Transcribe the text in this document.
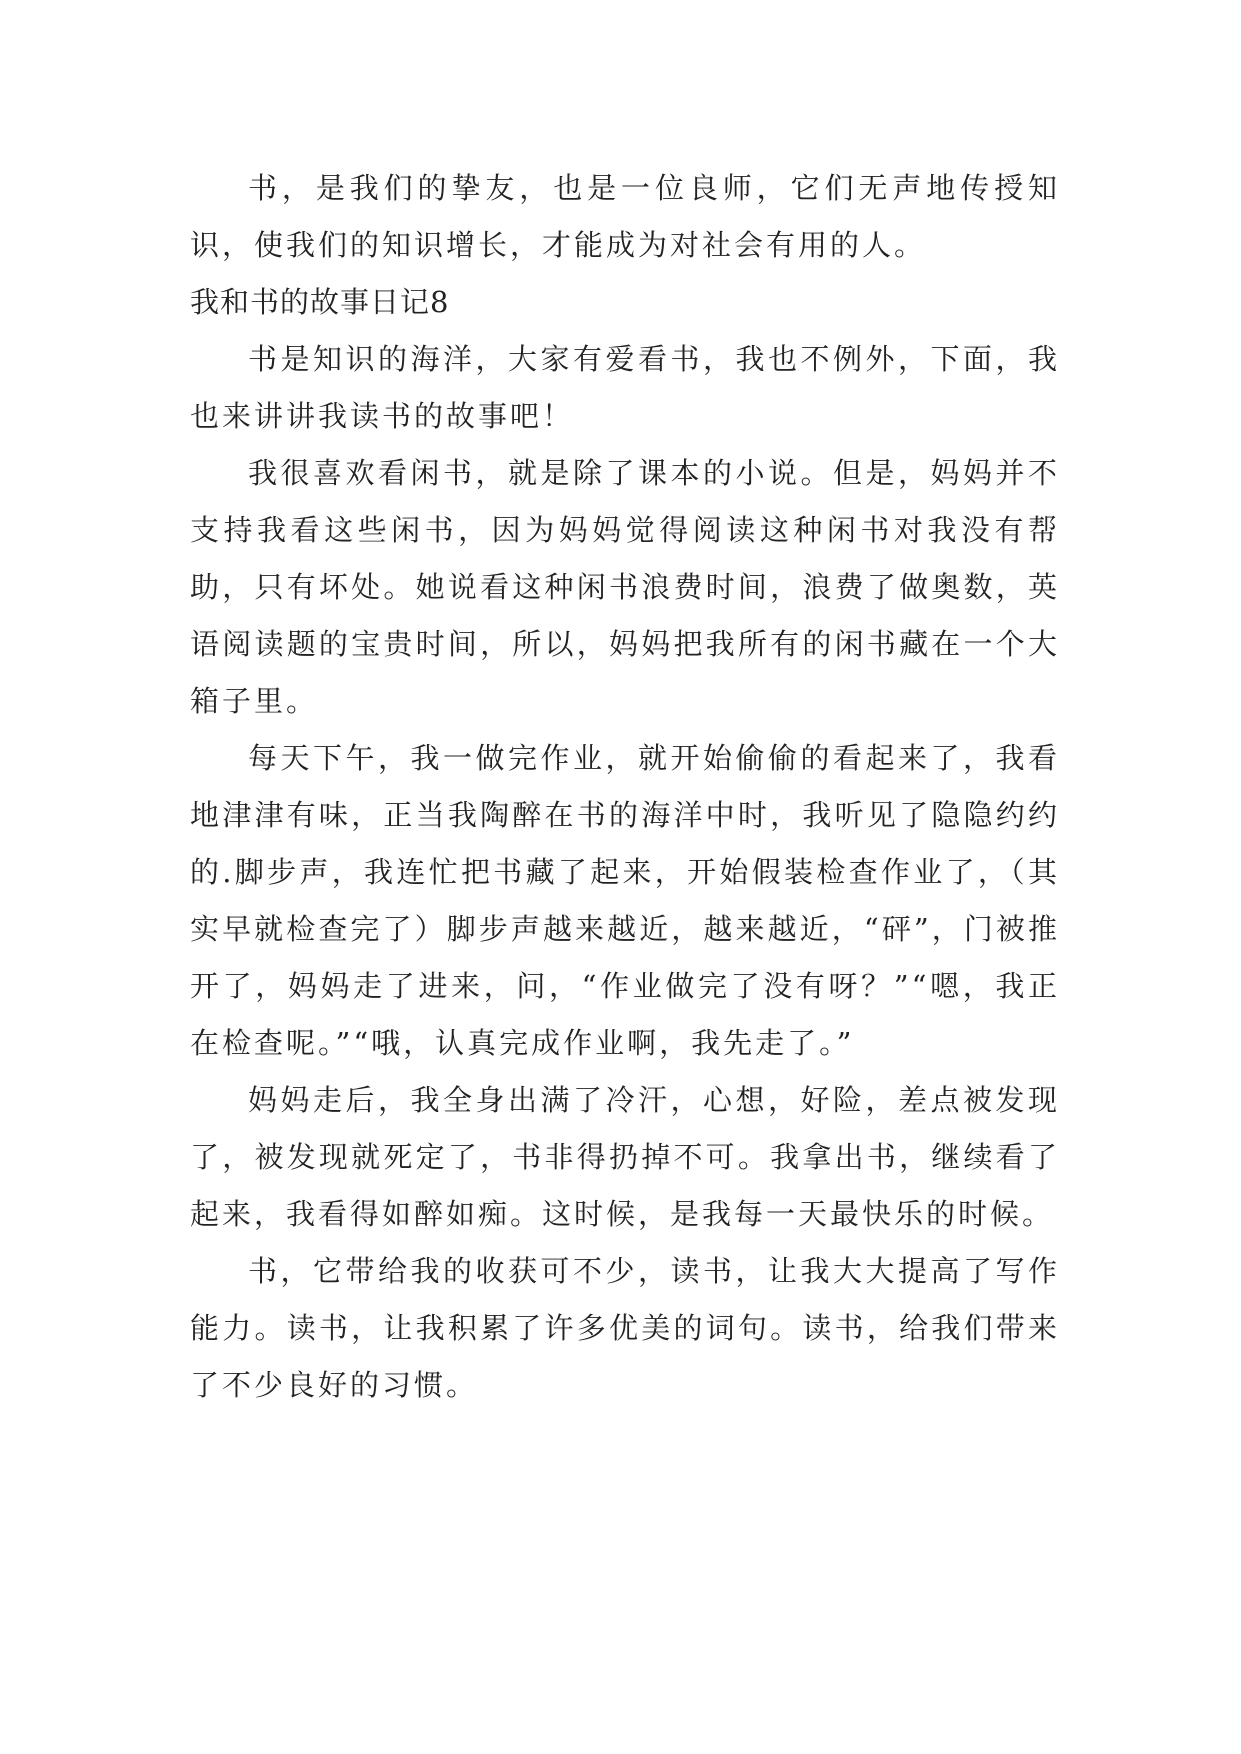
书，是我们的挚友，也是一位良师，它们无声地传授知识，使我们的知识增长，才能成为对社会有用的人。

我和书的故事日记8

书是知识的海洋，大家有爱看书，我也不例外，下面，我也来讲讲我读书的故事吧！

我很喜欢看闲书，就是除了课本的小说。但是，妈妈并不支持我看这些闲书，因为妈妈觉得阅读这种闲书对我没有帮助，只有坏处。她说看这种闲书浪费时间，浪费了做奥数，英语阅读题的宝贵时间，所以，妈妈把我所有的闲书藏在一个大箱子里。

每天下午，我一做完作业，就开始偷偷的看起来了，我看地津津有味，正当我陶醉在书的海洋中时，我听见了隐隐约约的.脚步声，我连忙把书藏了起来，开始假装检查作业了，（其实早就检查完了）脚步声越来越近，越来越近，“砰”，门被推开了，妈妈走了进来，问，“作业做完了没有呀？”“嗯，我正在检查呢。”“哦，认真完成作业啊，我先走了。”

妈妈走后，我全身出满了冷汗，心想，好险，差点被发现了，被发现就死定了，书非得扔掉不可。我拿出书，继续看了起来，我看得如醉如痴。这时候，是我每一天最快乐的时候。

书，它带给我的收获可不少，读书，让我大大提高了写作能力。读书，让我积累了许多优美的词句。读书，给我们带来了不少良好的习惯。
